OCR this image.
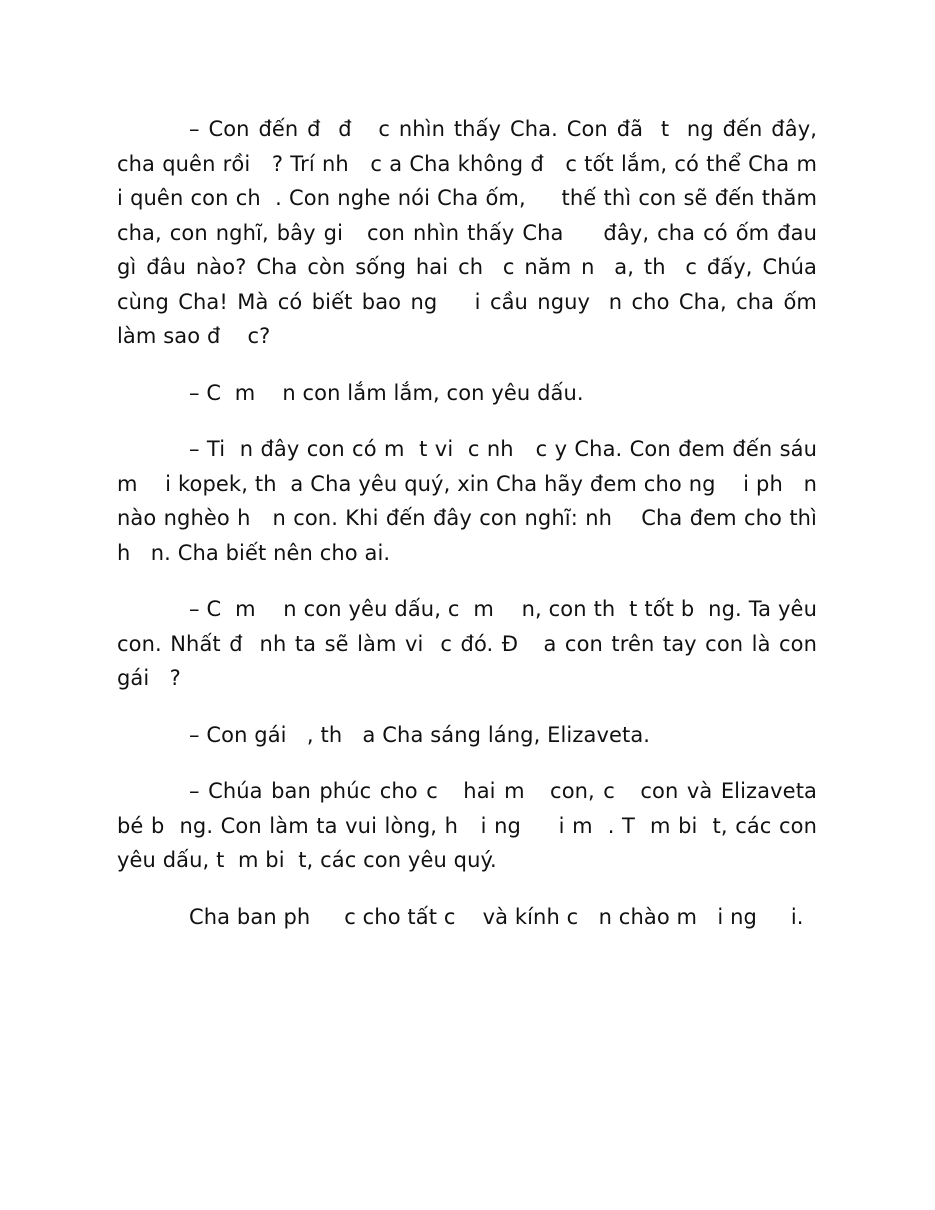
– Con đến đ  đ   c nhìn thấy Cha. Con đã  t  ng đến đây, cha quên rồi   ? Trí nh   c a Cha không đ   c tốt lắm, có thể Cha m  i quên con ch  . Con nghe nói Cha ốm,     thế thì con sẽ đến thăm cha, con nghĩ, bây gi   con nhìn thấy Cha     đây, cha có ốm đau gì đâu nào? Cha còn sống hai ch  c năm n  a, th  c đấy, Chúa    cùng Cha! Mà có biết bao ng    i cầu nguy  n cho Cha, cha ốm làm sao đ    c?

– C  m    n con lắm lắm, con yêu dấu.

– Ti  n đây con có m  t vi  c nh   c y Cha. Con đem đến sáu m    i kopek, th  a Cha yêu quý, xin Cha hãy đem cho ng    i ph   n  nào nghèo h   n con. Khi đến đây con nghĩ: nh    Cha đem cho thì h   n. Cha biết nên cho ai.

– C  m    n con yêu dấu, c  m    n, con th  t tốt b  ng. Ta yêu con. Nhất đ  nh ta sẽ làm vi  c đó. Đ   a con trên tay con là con gái   ?

– Con gái   , th   a Cha sáng láng, Elizaveta.

– Chúa ban phúc cho c   hai m   con, c   con và Elizaveta bé b  ng. Con làm ta vui lòng, h   i ng     i m  . T  m bi  t, các con yêu dấu, t  m bi  t, các con yêu quý.

Cha ban ph     c cho tất c    và kính c   n chào m   i ng     i.
